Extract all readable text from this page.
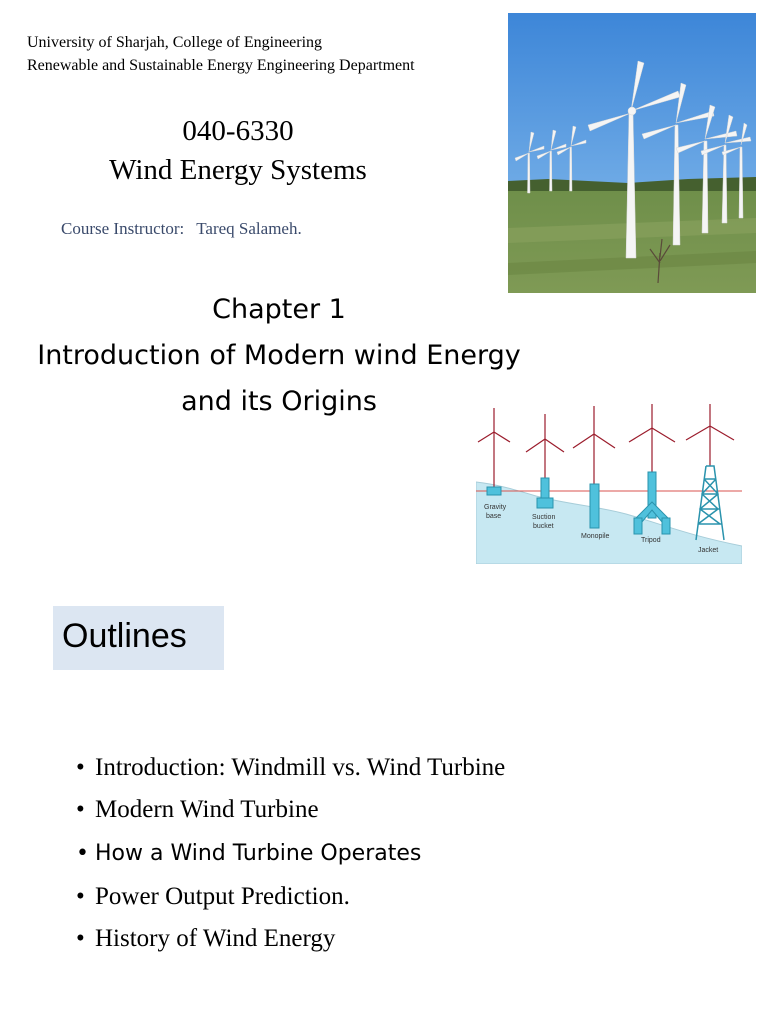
University of Sharjah, College of Engineering
Renewable and Sustainable Energy Engineering Department
040-6330
Wind Energy Systems
Course Instructor: Tareq Salameh.
Chapter 1
Introduction of Modern wind Energy
and its Origins
Gravity
base	Suction
bucket
Monopile
Tripod
Jacket
Outlines
• Introduction: Windmill vs. Wind Turbine
• Modern Wind Turbine
• How a Wind Turbine Operates
• Power Output Prediction.
• History of Wind Energy
